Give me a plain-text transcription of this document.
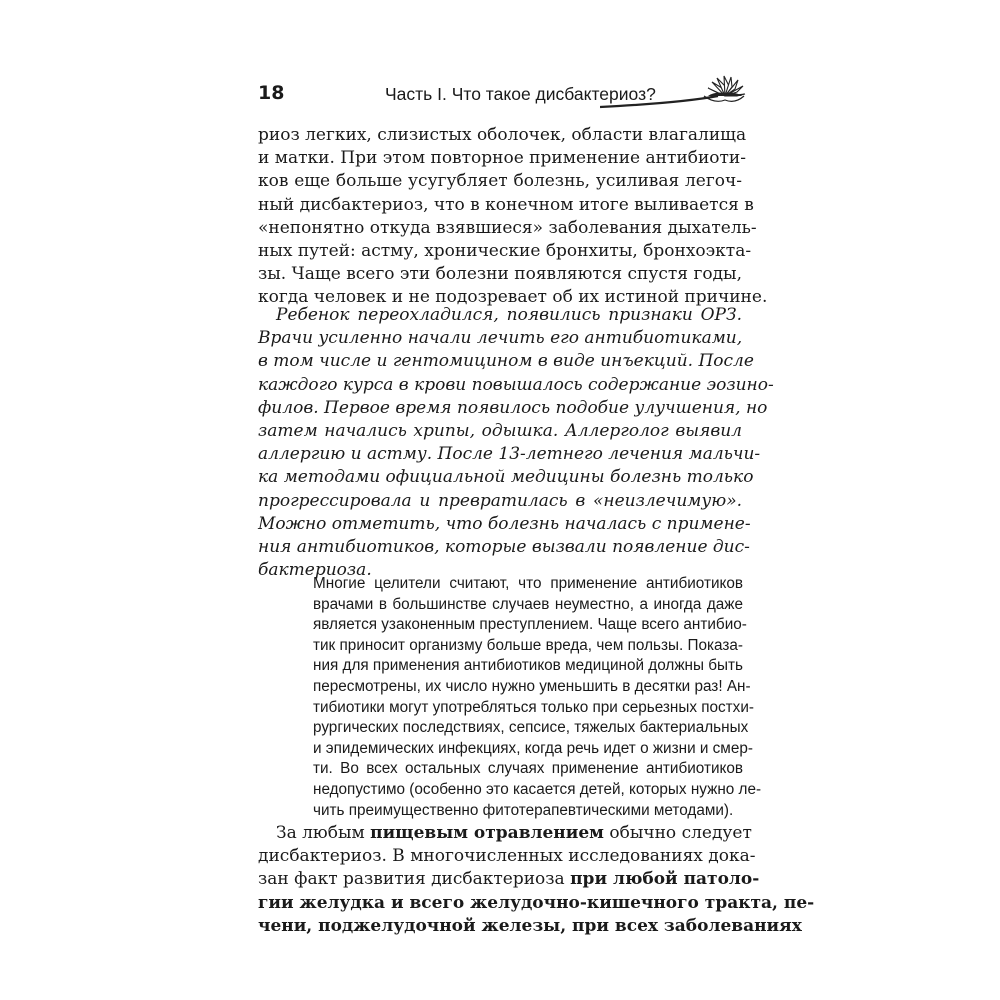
18	Часть I. Что такое дисбактериоз?
риоз легких, слизистых оболочек, области влагалища
и матки. При этом повторное применение антибиоти-
ков еще больше усугубляет болезнь, усиливая легоч-
ный дисбактериоз, что в конечном итоге выливается в
«непонятно откуда взявшиеся» заболевания дыхатель-
ных путей: астму, хронические бронхиты, бронхоэкта-
зы. Чаще всего эти болезни появляются спустя годы,
когда человек и не подозревает об их истиной причине.
Ребенок переохладился, появились признаки ОРЗ.
Врачи усиленно начали лечить его антибиотиками,
в том числе и гентомицином в виде инъекций. После
каждого курса в крови повышалось содержание эозино-
филов. Первое время появилось подобие улучшения, но
затем начались хрипы, одышка. Аллерголог выявил
аллергию и астму. После 13-летнего лечения мальчи-
ка методами официальной медицины болезнь только
прогрессировала и превратилась в «неизлечимую».
Можно отметить, что болезнь началась с примене-
ния антибиотиков, которые вызвали появление дис-
бактериоза.
Многие целители считают, что применение антибиотиков
врачами в большинстве случаев неуместно, а иногда даже
является узаконенным преступлением. Чаще всего антибио-
тик приносит организму больше вреда, чем пользы. Показа-
ния для применения антибиотиков медициной должны быть
пересмотрены, их число нужно уменьшить в десятки раз! Ан-
тибиотики могут употребляться только при серьезных постхи-
рургических последствиях, сепсисе, тяжелых бактериальных
и эпидемических инфекциях, когда речь идет о жизни и смер-
ти. Во всех остальных случаях применение антибиотиков
недопустимо (особенно это касается детей, которых нужно ле-
чить преимущественно фитотерапевтическими методами).
За любым пищевым отравлением обычно следует
дисбактериоз. В многочисленных исследованиях дока-
зан факт развития дисбактериоза при любой патоло-
гии желудка и всего желудочно-кишечного тракта, пе-
чени, поджелудочной железы, при всех заболеваниях
